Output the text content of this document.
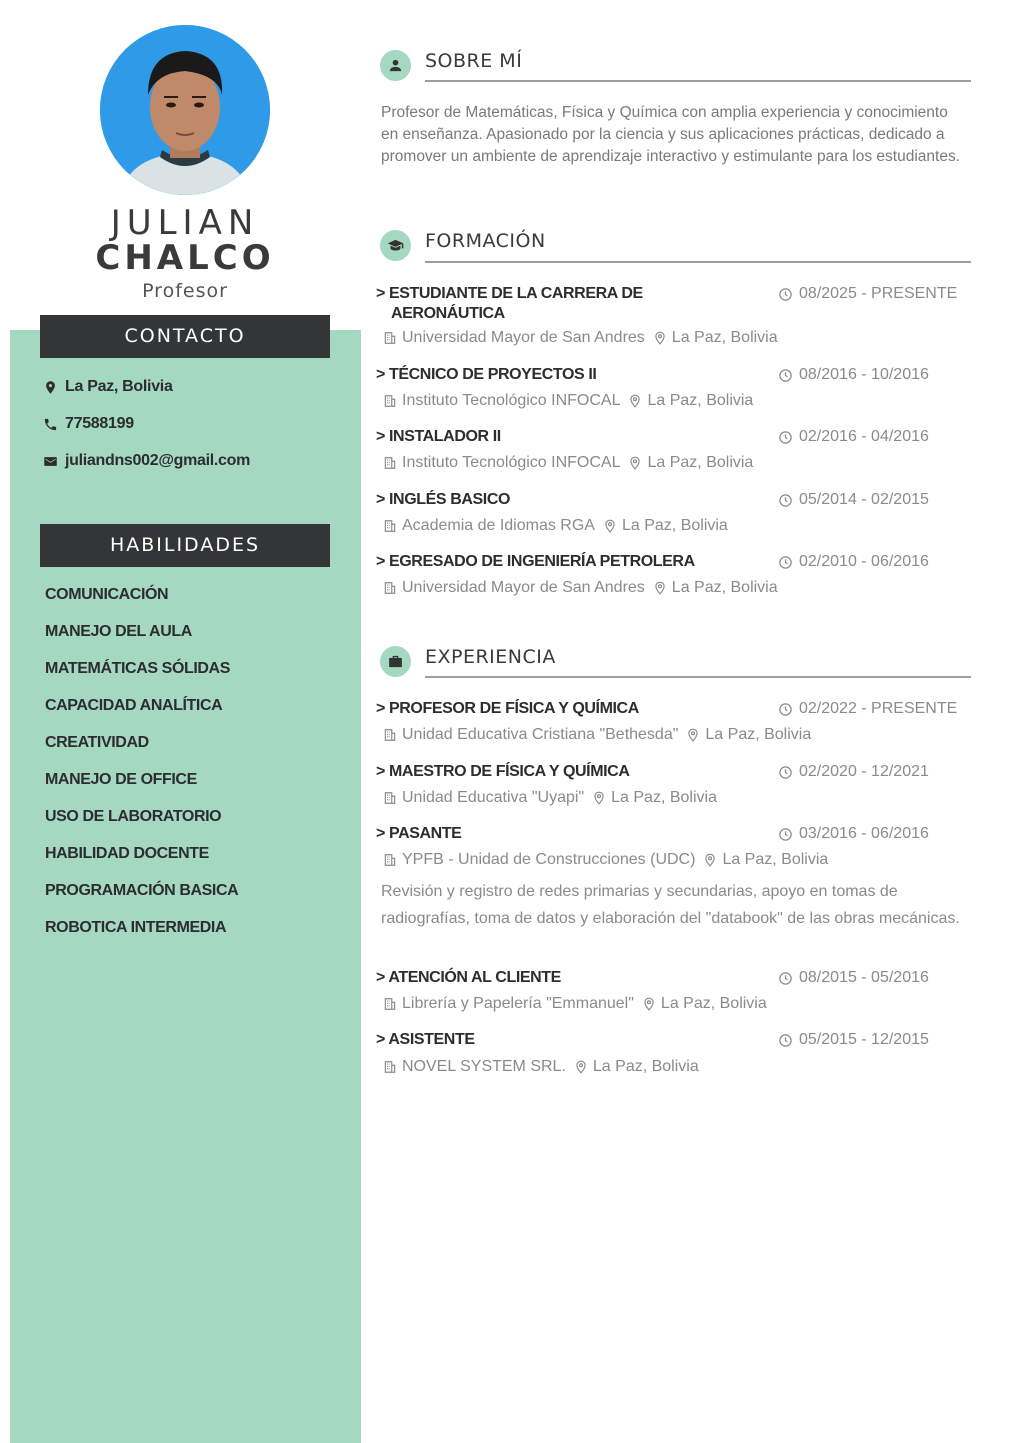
JULIAN
CHALCO
Profesor
CONTACTO
La Paz, Bolivia
77588199
juliandns002@gmail.com
HABILIDADES
COMUNICACIÓN
MANEJO DEL AULA
MATEMÁTICAS SÓLIDAS
CAPACIDAD ANALÍTICA
CREATIVIDAD
MANEJO DE OFFICE
USO DE LABORATORIO
HABILIDAD DOCENTE
PROGRAMACIÓN BASICA
ROBOTICA INTERMEDIA
SOBRE MÍ
Profesor de Matemáticas, Física y Química con amplia experiencia y conocimiento en enseñanza. Apasionado por la ciencia y sus aplicaciones prácticas, dedicado a promover un ambiente de aprendizaje interactivo y estimulante para los estudiantes.
FORMACIÓN
> ESTUDIANTE DE LA CARRERA DE
AERONÁUTICA
08/2025 - PRESENTE
Universidad Mayor de San Andres La Paz, Bolivia
> TÉCNICO DE PROYECTOS II	08/2016 - 10/2016
Instituto Tecnológico INFOCAL La Paz, Bolivia
> INSTALADOR II	02/2016 - 04/2016
Instituto Tecnológico INFOCAL La Paz, Bolivia
> INGLÉS BASICO	05/2014 - 02/2015
Academia de Idiomas RGA La Paz, Bolivia
> EGRESADO DE INGENIERÍA PETROLERA	02/2010 - 06/2016
Universidad Mayor de San Andres La Paz, Bolivia
EXPERIENCIA
> PROFESOR DE FÍSICA Y QUÍMICA	02/2022 - PRESENTE
Unidad Educativa Cristiana "Bethesda" La Paz, Bolivia
> MAESTRO DE FÍSICA Y QUÍMICA	02/2020 - 12/2021
Unidad Educativa "Uyapi" La Paz, Bolivia
> PASANTE	03/2016 - 06/2016
YPFB - Unidad de Construcciones (UDC) La Paz, Bolivia
> ATENCIÓN AL CLIENTE	08/2015 - 05/2016
Librería y Papelería "Emmanuel" La Paz, Bolivia
> ASISTENTE	05/2015 - 12/2015
NOVEL SYSTEM SRL. La Paz, Bolivia
Revisión y registro de redes primarias y secundarias, apoyo en tomas de radiografías, toma de datos y elaboración del "databook" de las obras mecánicas.
